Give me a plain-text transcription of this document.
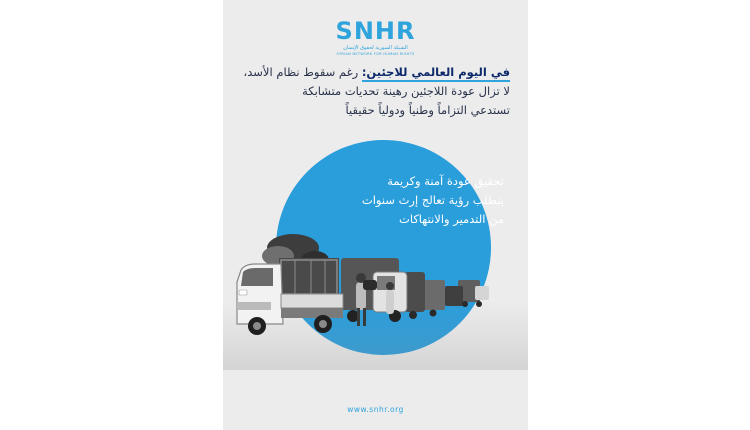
SNHR
الشبكة السورية لحقوق الإنسان
SYRIAN NETWORK FOR HUMAN RIGHTS
في اليوم العالمي للاجئين: رغم سقوط نظام الأسد،
لا تزال عودة اللاجئين رهينة تحديات متشابكة
تستدعي التزاماً وطنياً ودولياً حقيقياً
تحقيق عودة آمنة وكريمة
يتطلب رؤية تعالج إرث سنوات
من التدمير والانتهاكات
www.snhr.org
